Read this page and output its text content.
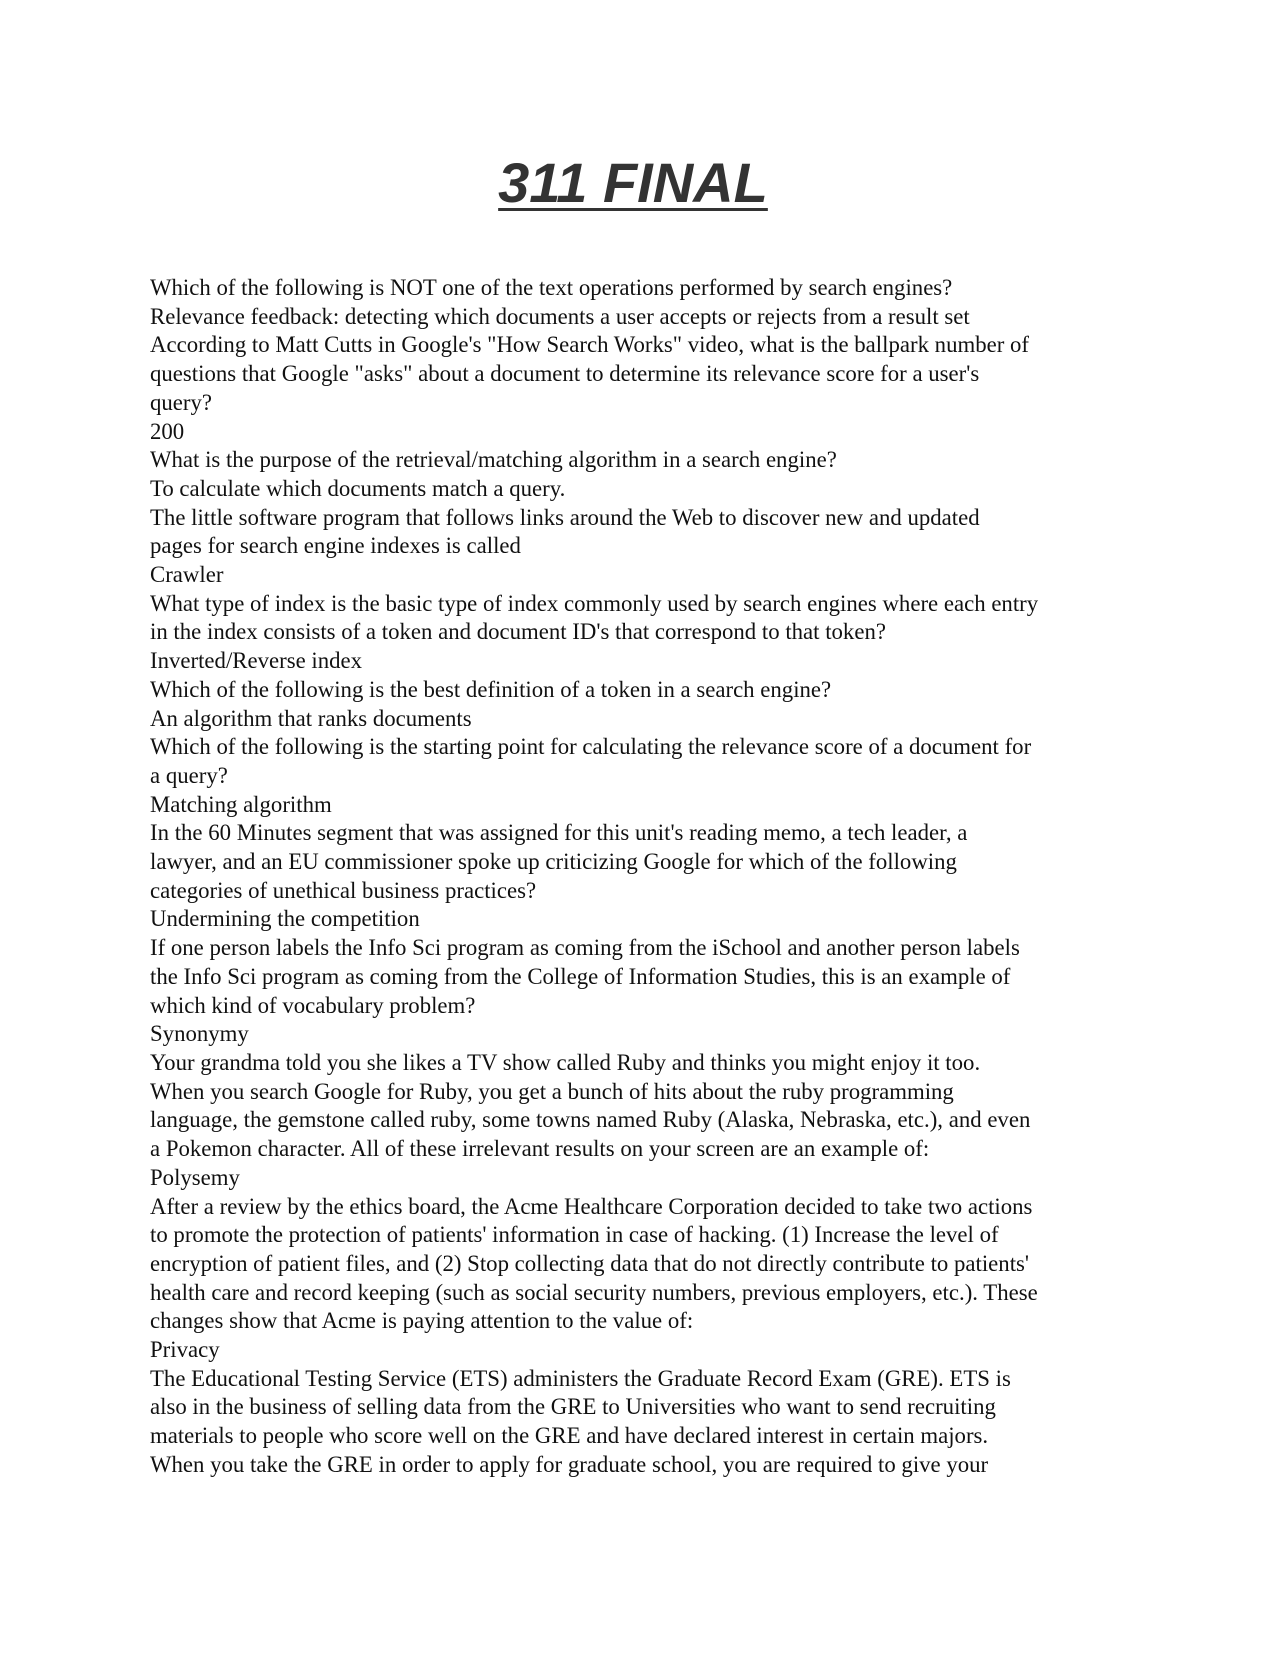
311 FINAL

Which of the following is NOT one of the text operations performed by search engines?

Relevance feedback: detecting which documents a user accepts or rejects from a result set

According to Matt Cutts in Google's "How Search Works" video, what is the ballpark number of

questions that Google "asks" about a document to determine its relevance score for a user's

query?

200

What is the purpose of the retrieval/matching algorithm in a search engine?

To calculate which documents match a query.

The little software program that follows links around the Web to discover new and updated

pages for search engine indexes is called

Crawler

What type of index is the basic type of index commonly used by search engines where each entry

in the index consists of a token and document ID's that correspond to that token?

Inverted/Reverse index

Which of the following is the best definition of a token in a search engine?

An algorithm that ranks documents

Which of the following is the starting point for calculating the relevance score of a document for

a query?

Matching algorithm

In the 60 Minutes segment that was assigned for this unit's reading memo, a tech leader, a

lawyer, and an EU commissioner spoke up criticizing Google for which of the following

categories of unethical business practices?

Undermining the competition

If one person labels the Info Sci program as coming from the iSchool and another person labels

the Info Sci program as coming from the College of Information Studies, this is an example of

which kind of vocabulary problem?

Synonymy

Your grandma told you she likes a TV show called Ruby and thinks you might enjoy it too.

When you search Google for Ruby, you get a bunch of hits about the ruby programming

language, the gemstone called ruby, some towns named Ruby (Alaska, Nebraska, etc.), and even

a Pokemon character. All of these irrelevant results on your screen are an example of:

Polysemy

After a review by the ethics board, the Acme Healthcare Corporation decided to take two actions

to promote the protection of patients' information in case of hacking. (1) Increase the level of

encryption of patient files, and (2) Stop collecting data that do not directly contribute to patients'

health care and record keeping (such as social security numbers, previous employers, etc.). These

changes show that Acme is paying attention to the value of:

Privacy

The Educational Testing Service (ETS) administers the Graduate Record Exam (GRE). ETS is

also in the business of selling data from the GRE to Universities who want to send recruiting

materials to people who score well on the GRE and have declared interest in certain majors.

When you take the GRE in order to apply for graduate school, you are required to give your
